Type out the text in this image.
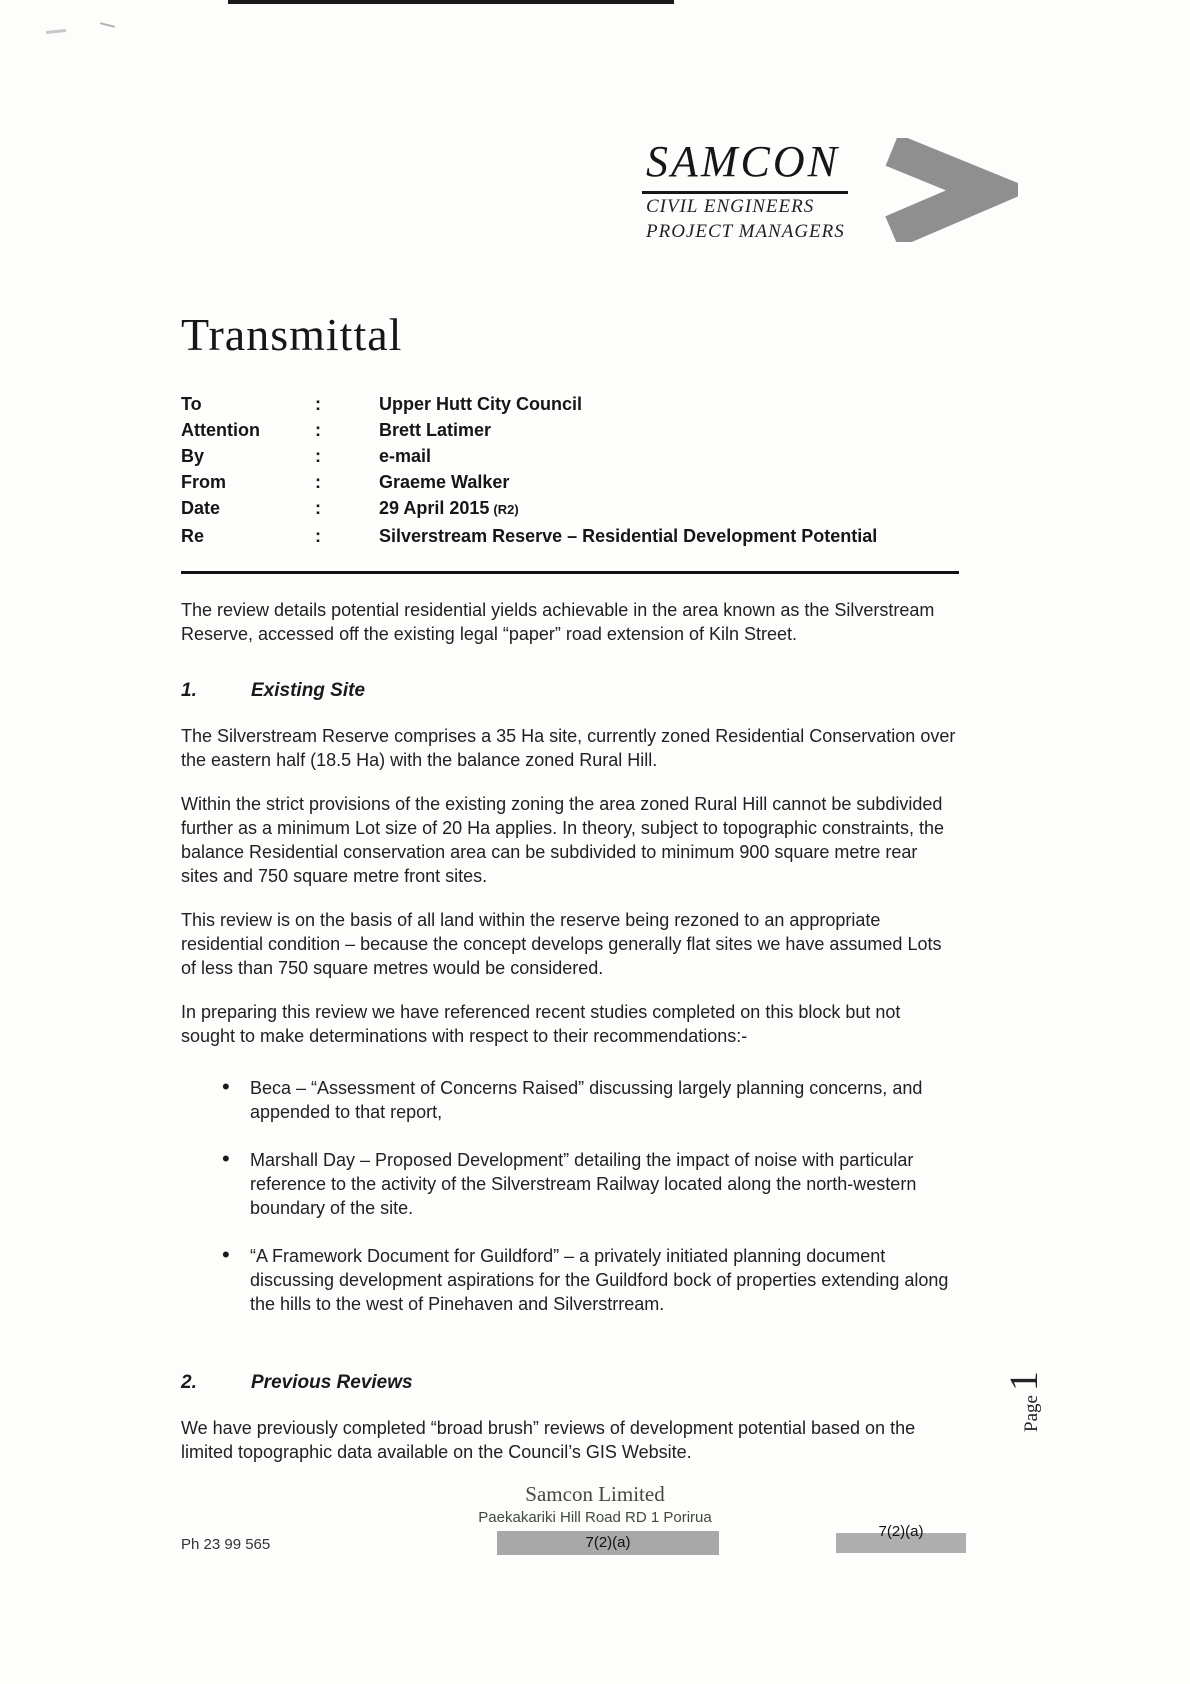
SAMCON
CIVIL ENGINEERS
PROJECT MANAGERS
Transmittal
To	:	Upper Hutt City Council
Attention	:	Brett Latimer
By	:	e-mail
From	:	Graeme Walker
Date	:	29 April 2015 (R2)
Re	:	Silverstream Reserve – Residential Development Potential

The review details potential residential yields achievable in the area known as the Silverstream Reserve, accessed off the existing legal “paper” road extension of Kiln Street.

1.	Existing Site

The Silverstream Reserve comprises a 35 Ha site, currently zoned Residential Conservation over the eastern half (18.5 Ha) with the balance zoned Rural Hill.

Within the strict provisions of the existing zoning the area zoned Rural Hill cannot be subdivided further as a minimum Lot size of 20 Ha applies. In theory, subject to topographic constraints, the balance Residential conservation area can be subdivided to minimum 900 square metre rear sites and 750 square metre front sites.

This review is on the basis of all land within the reserve being rezoned to an appropriate residential condition – because the concept develops generally flat sites we have assumed Lots of less than 750 square metres would be considered.

In preparing this review we have referenced recent studies completed on this block but not sought to make determinations with respect to their recommendations:-

• Beca – “Assessment of Concerns Raised” discussing largely planning concerns, and appended to that report,
• Marshall Day – Proposed Development” detailing the impact of noise with particular reference to the activity of the Silverstream Railway located along the north-western boundary of the site.
• “A Framework Document for Guildford” – a privately initiated planning document discussing development aspirations for the Guildford bock of properties extending along the hills to the west of Pinehaven and Silverstrream.
2.	Previous Reviews

We have previously completed “broad brush” reviews of development potential based on the limited topographic data available on the Council’s GIS Website.

Page 1
Samcon Limited
Paekakariki Hill Road RD 1 Porirua
Ph 23 99 565	7(2)(a)
7(2)(a)
